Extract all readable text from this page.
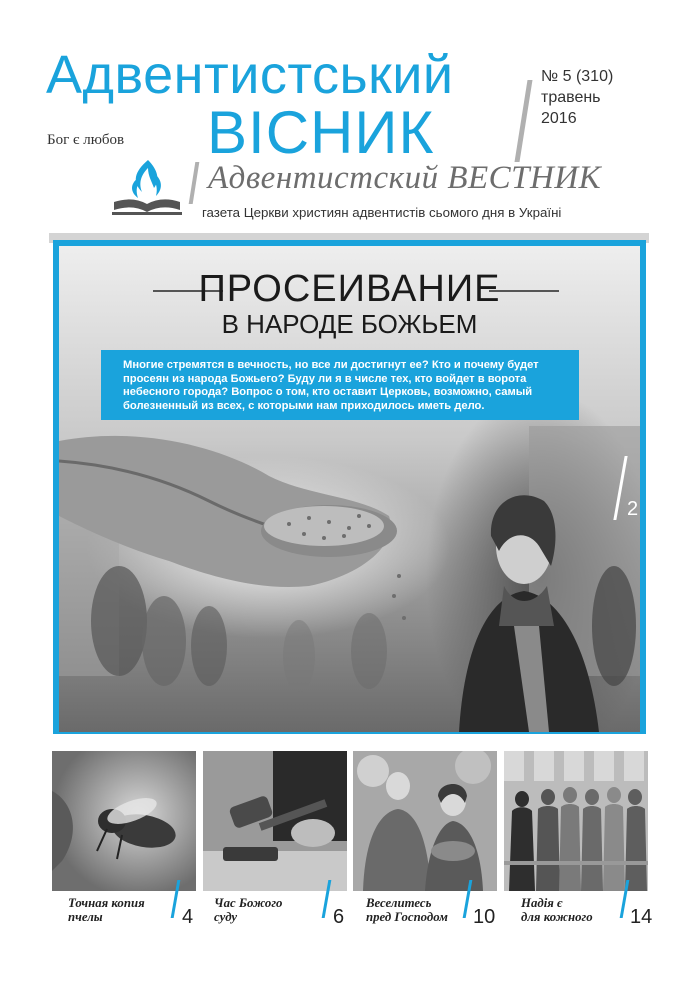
Адвентистський
ВІСНИК
Бог є любов
№ 5 (310)
травень
2016
Адвентистский ВЕСТНИК
газета Церкви християн адвентистів сьомого дня в Україні
ПРОСЕИВАНИЕ
В НАРОДЕ БОЖЬЕМ
Многие стремятся в вечность, но все ли достигнут ее? Кто и почему будет просеян из народа Божьего? Буду ли я в числе тех, кто войдет в ворота небесного города? Вопрос о том, кто оставит Церковь, возможно, самый болезненный из всех, с которыми нам приходилось иметь дело.
2
Точная копия
пчелы	4
Час Божого
суду	6
Веселитесь
пред Господом 10
Надія є
для кожного 14
